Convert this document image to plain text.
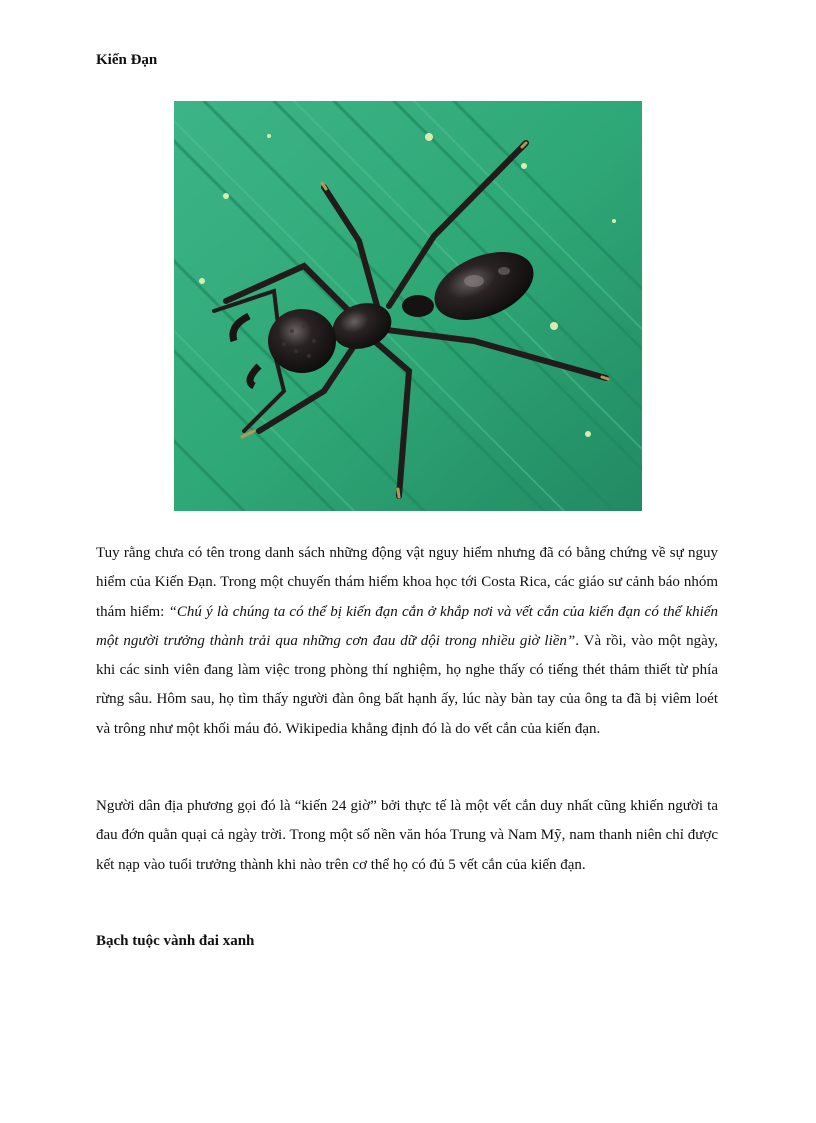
Kiến Đạn

Tuy rằng chưa có tên trong danh sách những động vật nguy hiểm nhưng đã có bằng chứng về sự nguy hiểm của Kiến Đạn. Trong một chuyến thám hiểm khoa học tới Costa Rica, các giáo sư cảnh báo nhóm thám hiểm: “Chú ý là chúng ta có thể bị kiến đạn cắn ở khắp nơi và vết cắn của kiến đạn có thể khiến một người trưởng thành trải qua những cơn đau dữ dội trong nhiều giờ liền”. Và rồi, vào một ngày, khi các sinh viên đang làm việc trong phòng thí nghiệm, họ nghe thấy có tiếng thét thảm thiết từ phía rừng sâu. Hôm sau, họ tìm thấy người đàn ông bất hạnh ấy, lúc này bàn tay của ông ta đã bị viêm loét và trông như một khối máu đỏ. Wikipedia khẳng định đó là do vết cắn của kiến đạn.

Người dân địa phương gọi đó là “kiến 24 giờ” bởi thực tế là một vết cắn duy nhất cũng khiến người ta đau đớn quằn quại cả ngày trời. Trong một số nền văn hóa Trung và Nam Mỹ, nam thanh niên chỉ được kết nạp vào tuổi trưởng thành khi nào trên cơ thể họ có đủ 5 vết cắn của kiến đạn.

Bạch tuộc vành đai xanh
